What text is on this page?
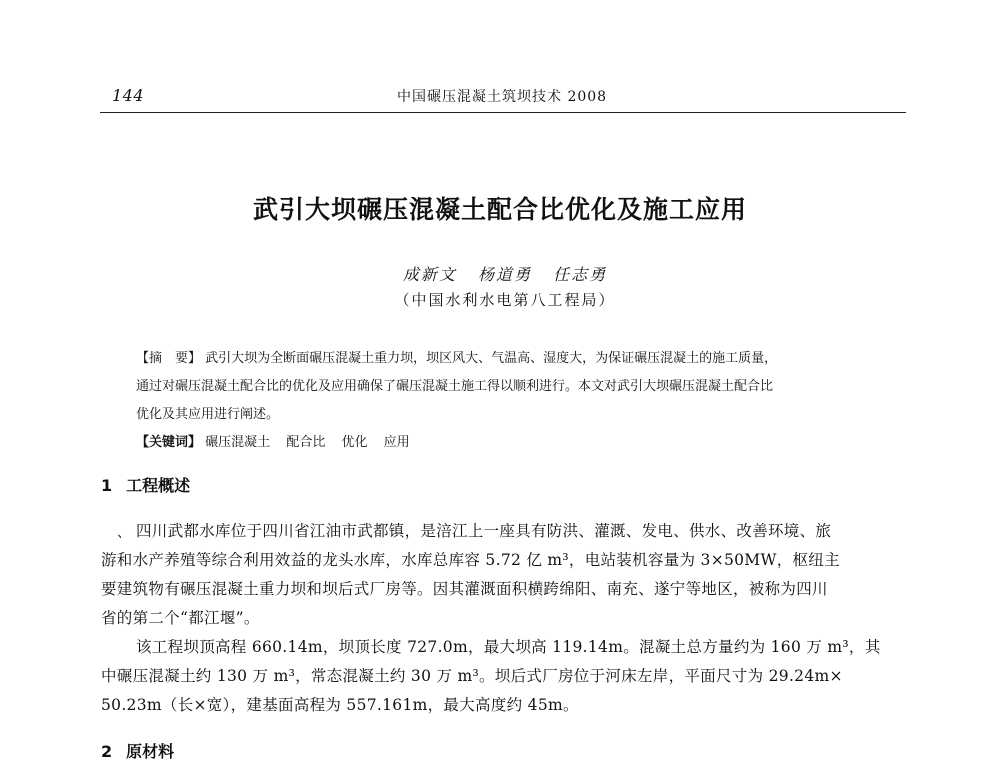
144	中国碾压混凝土筑坝技术 2008
武引大坝碾压混凝土配合比优化及施工应用
成新文 杨道勇 任志勇
（中国水利水电第八工程局）
【摘　要】 武引大坝为全断面碾压混凝土重力坝，坝区风大、气温高、湿度大，为保证碾压混凝土的施工质量，
通过对碾压混凝土配合比的优化及应用确保了碾压混凝土施工得以顺利进行。本文对武引大坝碾压混凝土配合比
优化及其应用进行阐述。
【关键词】 碾压混凝土 配合比 优化 应用
1 工程概述
、 四川武都水库位于四川省江油市武都镇，是涪江上一座具有防洪、灌溉、发电、供水、改善环境、旅
游和水产养殖等综合利用效益的龙头水库，水库总库容 5.72 亿 m³，电站装机容量为 3×50MW，枢纽主
要建筑物有碾压混凝土重力坝和坝后式厂房等。因其灌溉面积横跨绵阳、南充、遂宁等地区，被称为四川
省的第二个“都江堰”。
该工程坝顶高程 660.14m，坝顶长度 727.0m，最大坝高 119.14m。混凝土总方量约为 160 万 m³，其
中碾压混凝土约 130 万 m³，常态混凝土约 30 万 m³。坝后式厂房位于河床左岸，平面尺寸为 29.24m×
50.23m（长×宽），建基面高程为 557.161m，最大高度约 45m。
2 原材料
